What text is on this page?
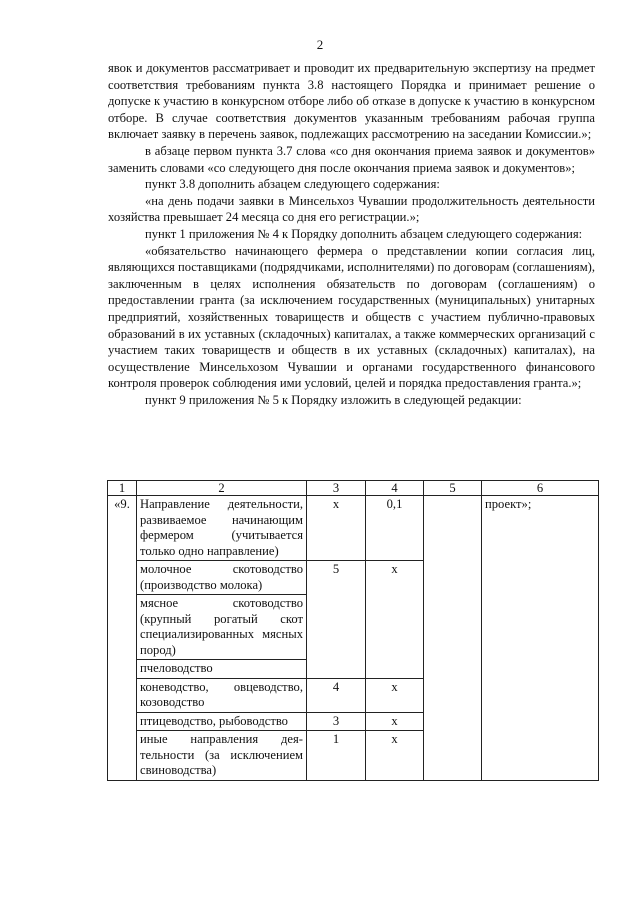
2

явок и документов рассматривает и проводит их предварительную экспертизу на предмет соответствия требованиям пункта 3.8 настоящего Порядка и принимает решение о допуске к участию в конкурсном отборе либо об отказе в допуске к участию в конкурсном отборе. В случае соответствия документов указанным требованиям рабочая группа включает заявку в перечень заявок, подлежащих рассмотрению на заседании Комиссии.»;

в абзаце первом пункта 3.7 слова «со дня окончания приема заявок и документов» заменить словами «со следующего дня после окончания приема заявок и документов»;

пункт 3.8 дополнить абзацем следующего содержания:

«на день подачи заявки в Минсельхоз Чувашии продолжительность деятельности хозяйства превышает 24 месяца со дня его регистрации.»;

пункт 1 приложения № 4 к Порядку дополнить абзацем следующего содержания:

«обязательство начинающего фермера о представлении копии согласия лиц, являющихся поставщиками (подрядчиками, исполнителями) по договорам (соглашениям), заключенным в целях исполнения обязательств по договорам (соглашениям) о предоставлении гранта (за исключением государственных (муниципальных) унитарных предприятий, хозяйственных товариществ и обществ с участием публично-правовых образований в их уставных (складочных) капиталах, а также коммерческих организаций с участием таких товариществ и обществ в их уставных (складочных) капиталах), на осуществление Минсельхозом Чувашии и органами государственного финансового контроля проверок соблюдения ими условий, целей и порядка предоставления гранта.»;

пункт 9 приложения № 5 к Порядку изложить в следующей редакции:

1	2	3	4	5	6
«9.	Направление деятельности, развиваемое начинающим фермером (учитывается только одно направление)	х	0,1		проект»;
	молочное скотоводство (производство молока)	5	х		
	мясное скотоводство (крупный рогатый скот специализированных мясных пород)				
	пчеловодство				
	коневодство, овцеводство, козоводство	4	х		
	птицеводство, рыбоводство	3	х		
	иные направления деятельности (за исключением свиноводства)	1	х		
